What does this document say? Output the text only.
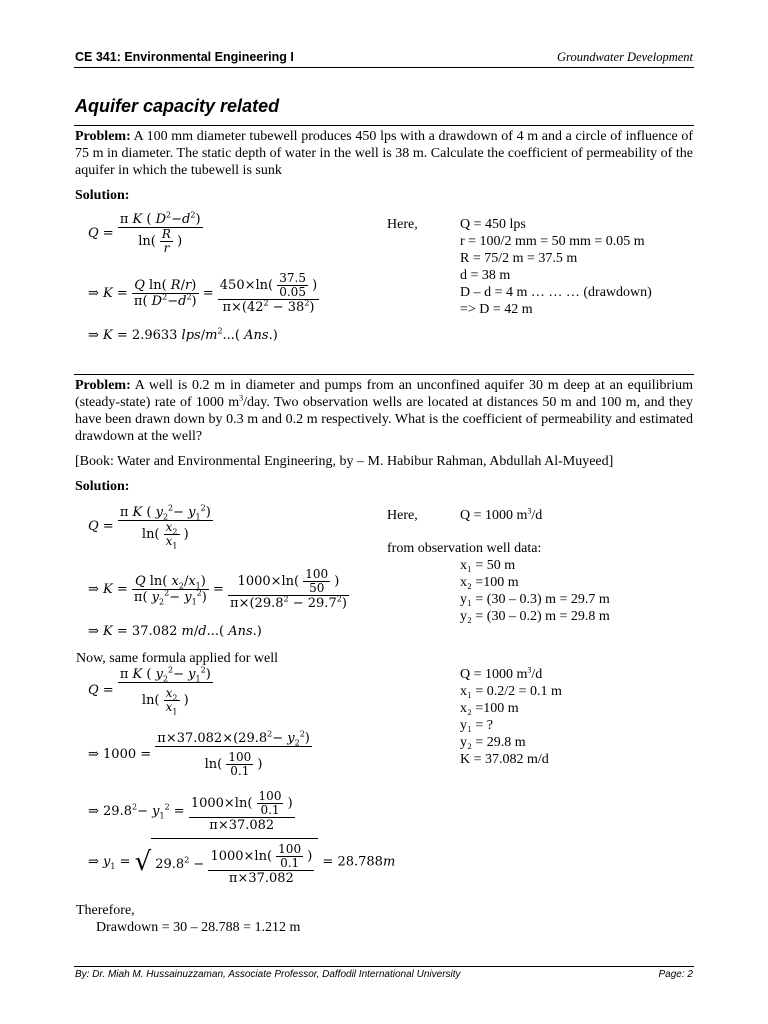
CE 341: Environmental Engineering I	Groundwater Development
Aquifer capacity related
Problem: A 100 mm diameter tubewell produces 450 lps with a drawdown of 4 m and a circle of influence of 75 m in diameter. The static depth of water in the well is 38 m. Calculate the coefficient of permeability of the aquifer in which the tubewell is sunk
Solution:
$Q = \frac{\pi K ( D^2-d^2)}{\ln( \frac{R}{r} )}$
⇒ $K = \frac{\text{Q ln( R/r)}}{\pi( D^2-d^2)} = \frac{450\times\ln( \frac{37.5}{0.05} )}{\pi\times(42^2 - 38^2)}$
⇒ K = 2.9633 lps/$m^2$...( Ans.)
Here,	Q = 450 lps
r = 100/2 mm = 50 mm = 0.05 m
R = 75/2 m = 37.5 m
d = 38 m
D – d = 4 m … … … (drawdown)
=> D = 42 m
Problem: A well is 0.2 m in diameter and pumps from an unconfined aquifer 30 m deep at an equilibrium (steady-state) rate of 1000 $m^3$/day. Two observation wells are located at distances 50 m and 100 m, and they have been drawn down by 0.3 m and 0.2 m respectively. What is the coefficient of permeability and estimated drawdown at the well?
[Book: Water and Environmental Engineering, by – M. Habibur Rahman, Abdullah Al-Muyeed]
Solution:
$Q = \frac{\pi K ( y_2^2- y_1^2)}{\ln( \frac{x_2}{x_1} )}$
⇒ $K = \frac{Q \ln( x_2/x_1)}{\pi( y_2^2- y_1^2)} = \frac{1000\times\ln( \frac{100}{50} )}{\pi\times(29.8^2 - 29.7^2)}$
⇒ K = 37.082 m/d...( Ans.)
Here,	Q = 1000 $m^3/d$
from observation well data:
x₁ = 50 m
x₂ =100 m
y₁ = (30 – 0.3) m = 29.7 m
y₂ = (30 – 0.2) m = 29.8 m
Now, same formula applied for well
$Q = \frac{\pi K ( y_2^2- y_1^2)}{\ln( \frac{x_2}{x_1} )}$
⇒ $1000 = \frac{\pi\times 37.082\times(29.8^2- y_2^2)}{\ln( \frac{100}{0.1} )}$
⇒ $29.8^2- y_1^2 = \frac{1000\times\ln( \frac{100}{0.1} )}{\pi\times 37.082}$
⇒ $y_1$ = √ $29.8^2 - \frac{1000\times\ln( \frac{100}{0.1} )}{\pi\times 37.082} = 28.788m$
Q = 1000 $m^3/d$
x₁ = 0.2/2 = 0.1 m
x₂ =100 m
y₁ = ?
y₂ = 29.8 m
K = 37.082 m/d
Therefore,
Drawdown = 30 – 28.788 = 1.212 m
By: Dr. Miah M. Hussainuzzaman, Associate Professor, Daffodil International University	Page: 2
